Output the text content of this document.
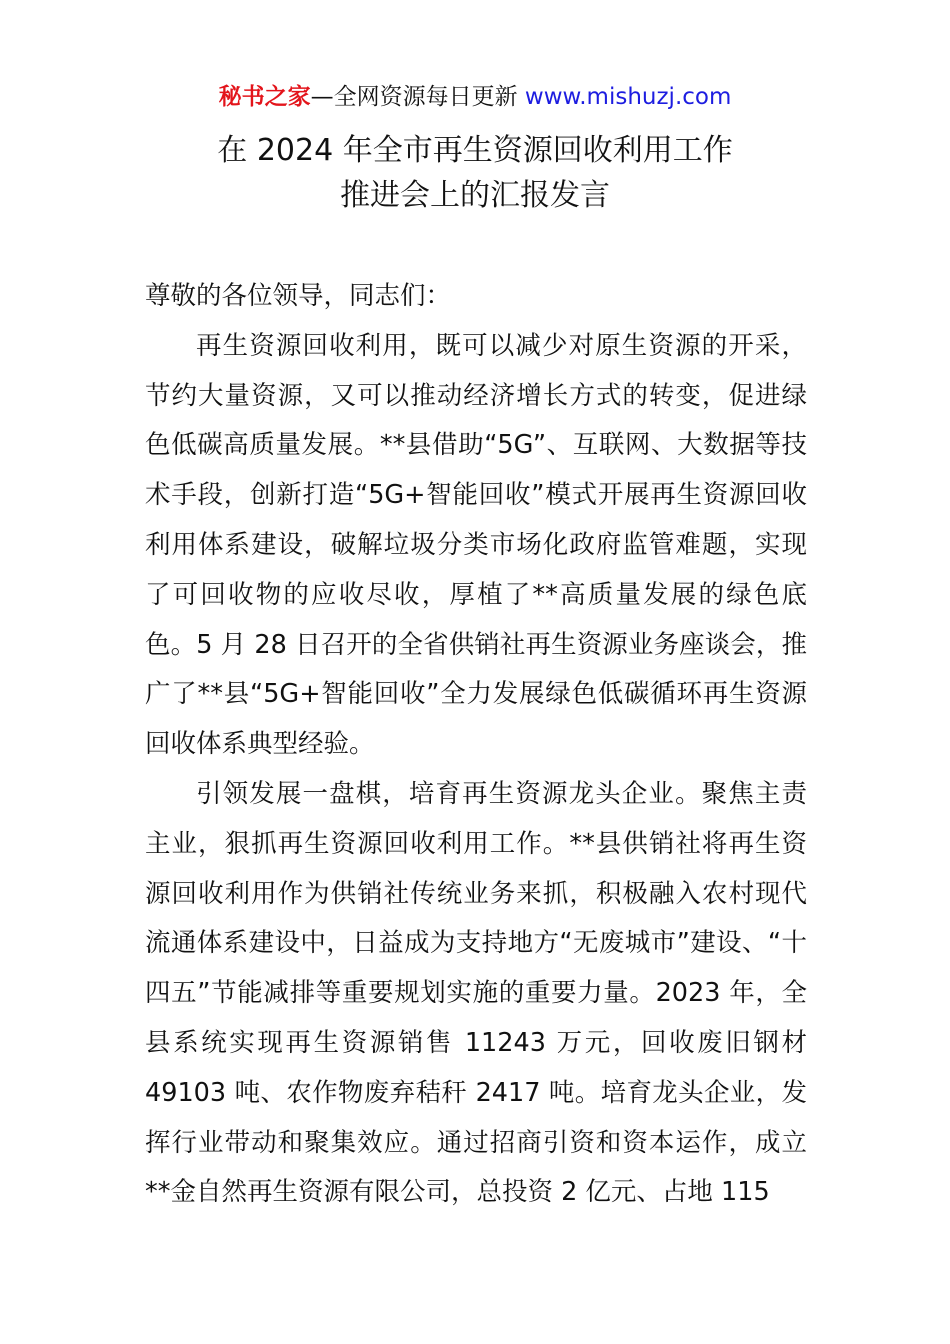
秘书之家—全网资源每日更新 www.mishuzj.com
在 2024 年全市再生资源回收利用工作
推进会上的汇报发言

尊敬的各位领导，同志们：

再生资源回收利用，既可以减少对原生资源的开采，节约大量资源，又可以推动经济增长方式的转变，促进绿色低碳高质量发展。**县借助“5G”、互联网、大数据等技术手段，创新打造“5G+智能回收”模式开展再生资源回收利用体系建设，破解垃圾分类市场化政府监管难题，实现了可回收物的应收尽收，厚植了**高质量发展的绿色底色。5 月 28 日召开的全省供销社再生资源业务座谈会，推广了**县“5G+智能回收”全力发展绿色低碳循环再生资源回收体系典型经验。

引领发展一盘棋，培育再生资源龙头企业。聚焦主责主业，狠抓再生资源回收利用工作。**县供销社将再生资源回收利用作为供销社传统业务来抓，积极融入农村现代流通体系建设中，日益成为支持地方“无废城市”建设、“十四五”节能减排等重要规划实施的重要力量。2023 年，全县系统实现再生资源销售 11243 万元，回收废旧钢材 49103 吨、农作物废弃秸秆 2417 吨。培育龙头企业，发挥行业带动和聚集效应。通过招商引资和资本运作，成立**金自然再生资源有限公司，总投资 2 亿元、占地 115
